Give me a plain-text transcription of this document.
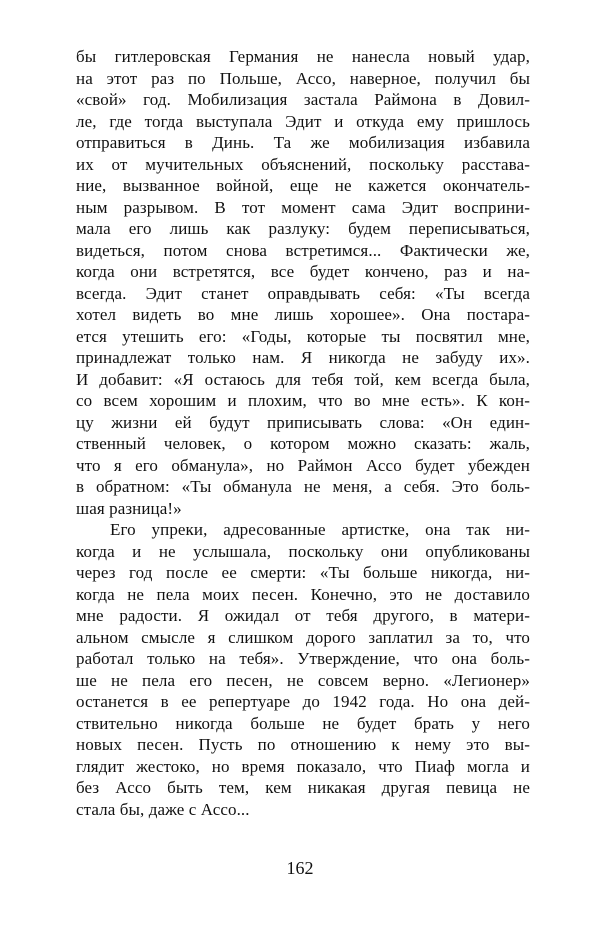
бы гитлеровская Германия не нанесла новый удар,
на этот раз по Польше, Ассо, наверное, получил бы
«свой» год. Мобилизация застала Раймона в Довил-
ле, где тогда выступала Эдит и откуда ему пришлось
отправиться в Динь. Та же мобилизация избавила
их от мучительных объяснений, поскольку расстава-
ние, вызванное войной, еще не кажется окончатель-
ным разрывом. В тот момент сама Эдит восприни-
мала его лишь как разлуку: будем переписываться,
видеться, потом снова встретимся... Фактически же,
когда они встретятся, все будет кончено, раз и на-
всегда. Эдит станет оправдывать себя: «Ты всегда
хотел видеть во мне лишь хорошее». Она постара-
ется утешить его: «Годы, которые ты посвятил мне,
принадлежат только нам. Я никогда не забуду их».
И добавит: «Я остаюсь для тебя той, кем всегда была,
со всем хорошим и плохим, что во мне есть». К кон-
цу жизни ей будут приписывать слова: «Он един-
ственный человек, о котором можно сказать: жаль,
что я его обманула», но Раймон Ассо будет убежден
в обратном: «Ты обманула не меня, а себя. Это боль-
шая разница!»
Его упреки, адресованные артистке, она так ни-
когда и не услышала, поскольку они опубликованы
через год после ее смерти: «Ты больше никогда, ни-
когда не пела моих песен. Конечно, это не доставило
мне радости. Я ожидал от тебя другого, в матери-
альном смысле я слишком дорого заплатил за то, что
работал только на тебя». Утверждение, что она боль-
ше не пела его песен, не совсем верно. «Легионер»
останется в ее репертуаре до 1942 года. Но она дей-
ствительно никогда больше не будет брать у него
новых песен. Пусть по отношению к нему это вы-
глядит жестоко, но время показало, что Пиаф могла и
без Ассо быть тем, кем никакая другая певица не
стала бы, даже с Ассо...
162
